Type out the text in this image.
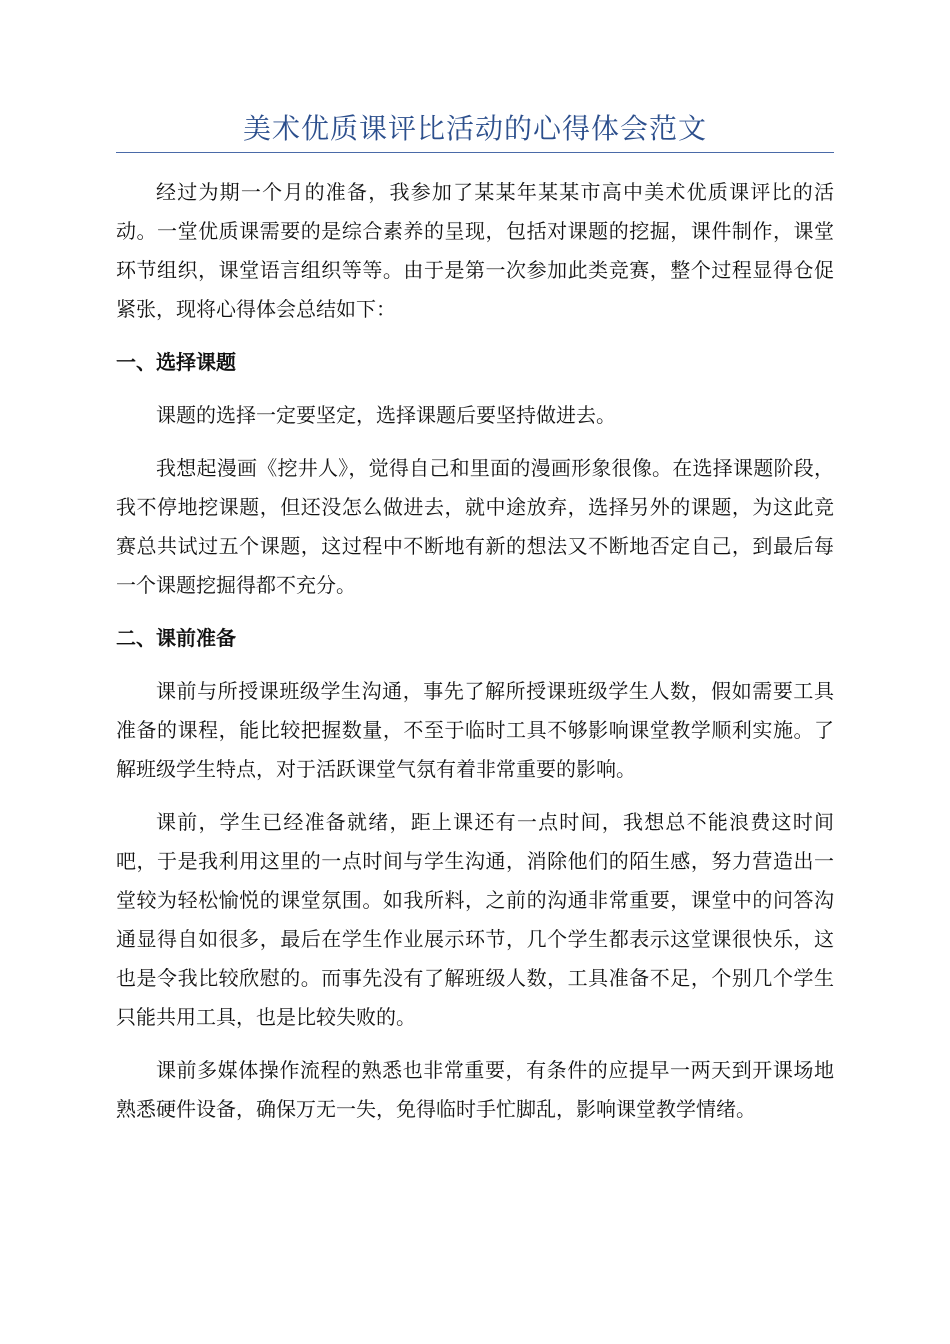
美术优质课评比活动的心得体会范文

经过为期一个月的准备，我参加了某某年某某市高中美术优质课评比的活动。一堂优质课需要的是综合素养的呈现，包括对课题的挖掘，课件制作，课堂环节组织，课堂语言组织等等。由于是第一次参加此类竞赛，整个过程显得仓促紧张，现将心得体会总结如下：

一、选择课题

课题的选择一定要坚定，选择课题后要坚持做进去。

我想起漫画《挖井人》，觉得自己和里面的漫画形象很像。在选择课题阶段，我不停地挖课题，但还没怎么做进去，就中途放弃，选择另外的课题，为这此竞赛总共试过五个课题，这过程中不断地有新的想法又不断地否定自己，到最后每一个课题挖掘得都不充分。

二、课前准备

课前与所授课班级学生沟通，事先了解所授课班级学生人数，假如需要工具准备的课程，能比较把握数量，不至于临时工具不够影响课堂教学顺利实施。了解班级学生特点，对于活跃课堂气氛有着非常重要的影响。

课前，学生已经准备就绪，距上课还有一点时间，我想总不能浪费这时间吧，于是我利用这里的一点时间与学生沟通，消除他们的陌生感，努力营造出一堂较为轻松愉悦的课堂氛围。如我所料，之前的沟通非常重要，课堂中的问答沟通显得自如很多，最后在学生作业展示环节，几个学生都表示这堂课很快乐，这也是令我比较欣慰的。而事先没有了解班级人数，工具准备不足，个别几个学生只能共用工具，也是比较失败的。

课前多媒体操作流程的熟悉也非常重要，有条件的应提早一两天到开课场地熟悉硬件设备，确保万无一失，免得临时手忙脚乱，影响课堂教学情绪。
